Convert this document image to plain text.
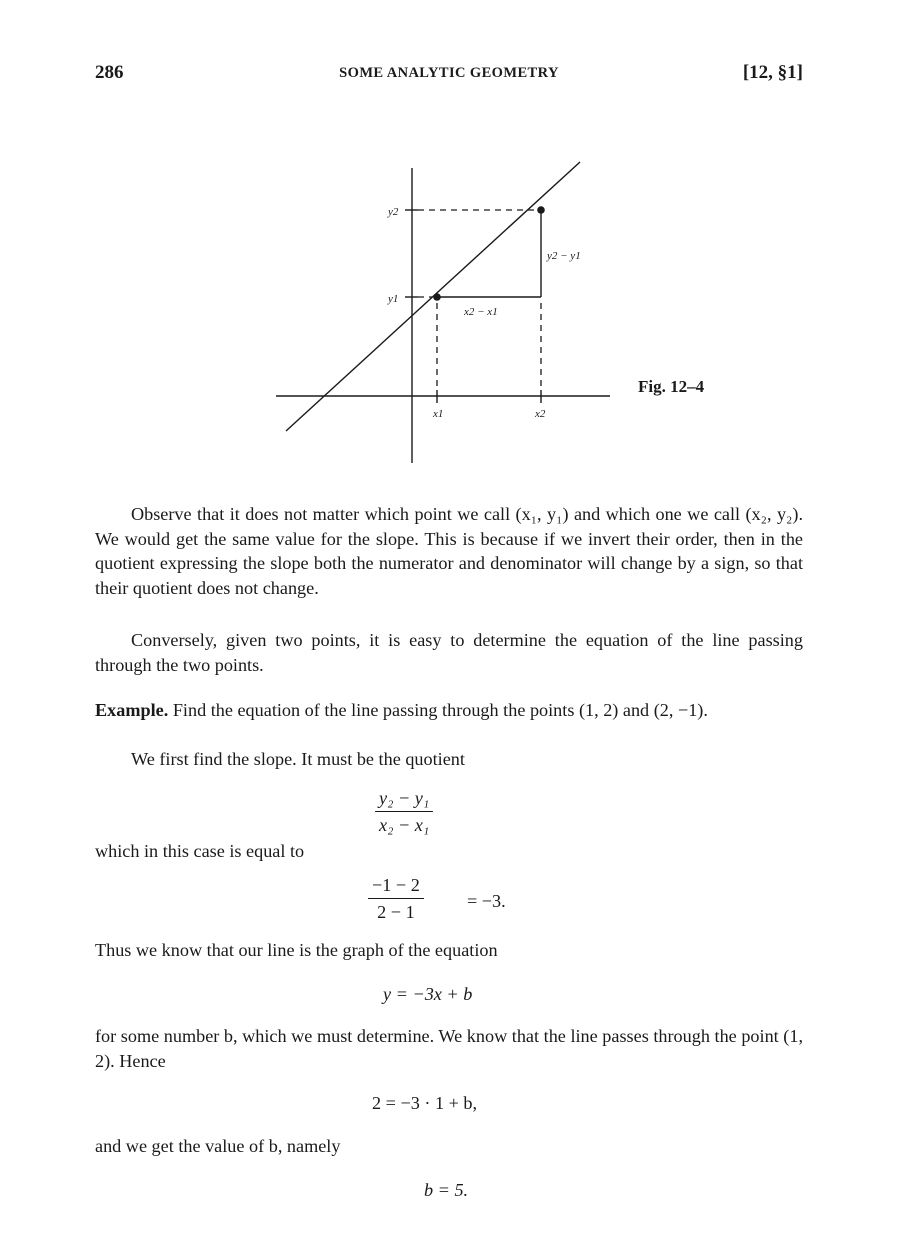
286	SOME ANALYTIC GEOMETRY	[12, §1]
y2
y1
x1	x2
y2 − y1
x2 − x1
Fig. 12–4

Observe that it does not matter which point we call (x₁, y₁) and which one we call (x₂, y₂). We would get the same value for the slope. This is because if we invert their order, then in the quotient expressing the slope both the numerator and denominator will change by a sign, so that their quotient does not change.

Conversely, given two points, it is easy to determine the equation of the line passing through the two points.

Example. Find the equation of the line passing through the points (1, 2) and (2, −1).

We first find the slope. It must be the quotient

$\frac{\text{y₂ − y₁}}{\text{x₂ − x₁}}$
which in this case is equal to
$\frac{-1 - 2}{2 - 1} = -3$.
Thus we know that our line is the graph of the equation
y = −3x + b

for some number b, which we must determine. We know that the line passes through the point (1, 2). Hence

2 = −3 · 1 + b,
and we get the value of b, namely
b = 5.
